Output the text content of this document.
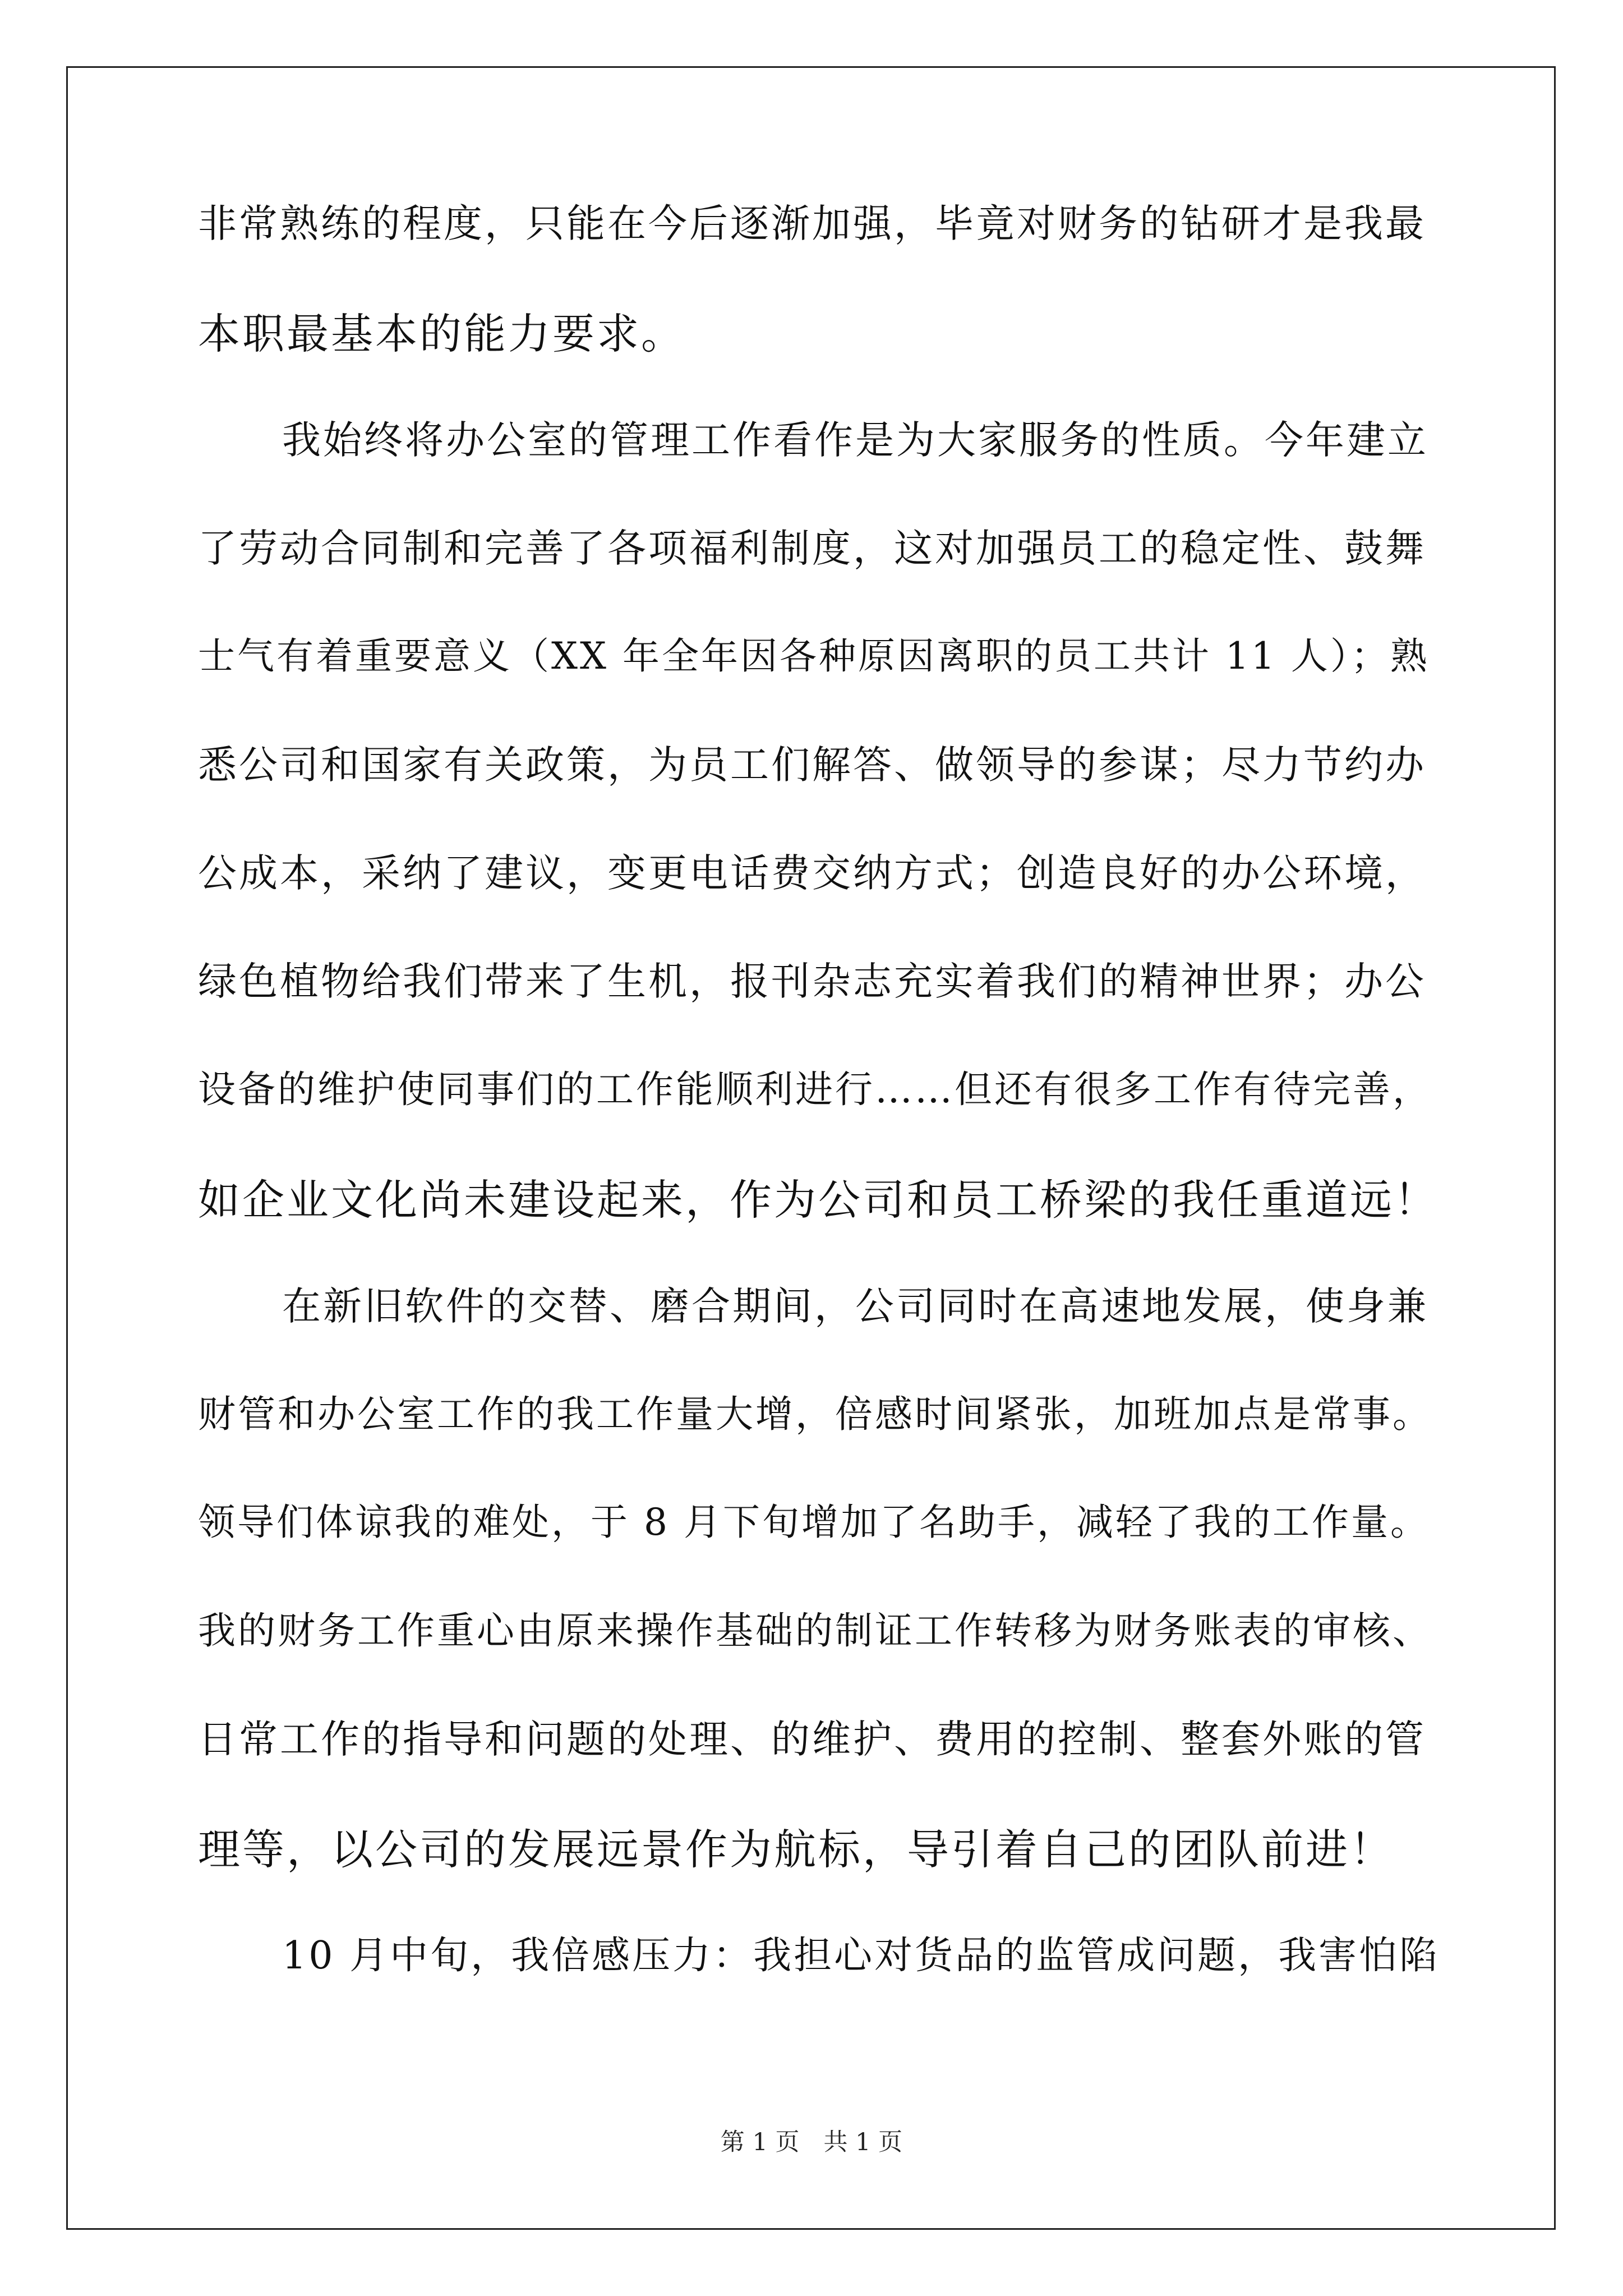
非常熟练的程度，只能在今后逐渐加强，毕竟对财务的钻研才是我最
本职最基本的能力要求。
我始终将办公室的管理工作看作是为大家服务的性质。今年建立
了劳动合同制和完善了各项福利制度，这对加强员工的稳定性、鼓舞
士气有着重要意义（XX 年全年因各种原因离职的员工共计 11 人）；熟
悉公司和国家有关政策，为员工们解答、做领导的参谋；尽力节约办
公成本，采纳了建议，变更电话费交纳方式；创造良好的办公环境，
绿色植物给我们带来了生机，报刊杂志充实着我们的精神世界；办公
设备的维护使同事们的工作能顺利进行……但还有很多工作有待完善，
如企业文化尚未建设起来，作为公司和员工桥梁的我任重道远！
在新旧软件的交替、磨合期间，公司同时在高速地发展，使身兼
财管和办公室工作的我工作量大增，倍感时间紧张，加班加点是常事。
领导们体谅我的难处，于 8 月下旬增加了名助手，减轻了我的工作量。
我的财务工作重心由原来操作基础的制证工作转移为财务账表的审核、
日常工作的指导和问题的处理、的维护、费用的控制、整套外账的管
理等，以公司的发展远景作为航标，导引着自己的团队前进！
10 月中旬，我倍感压力：我担心对货品的监管成问题，我害怕陷
第 1 页　共 1 页
